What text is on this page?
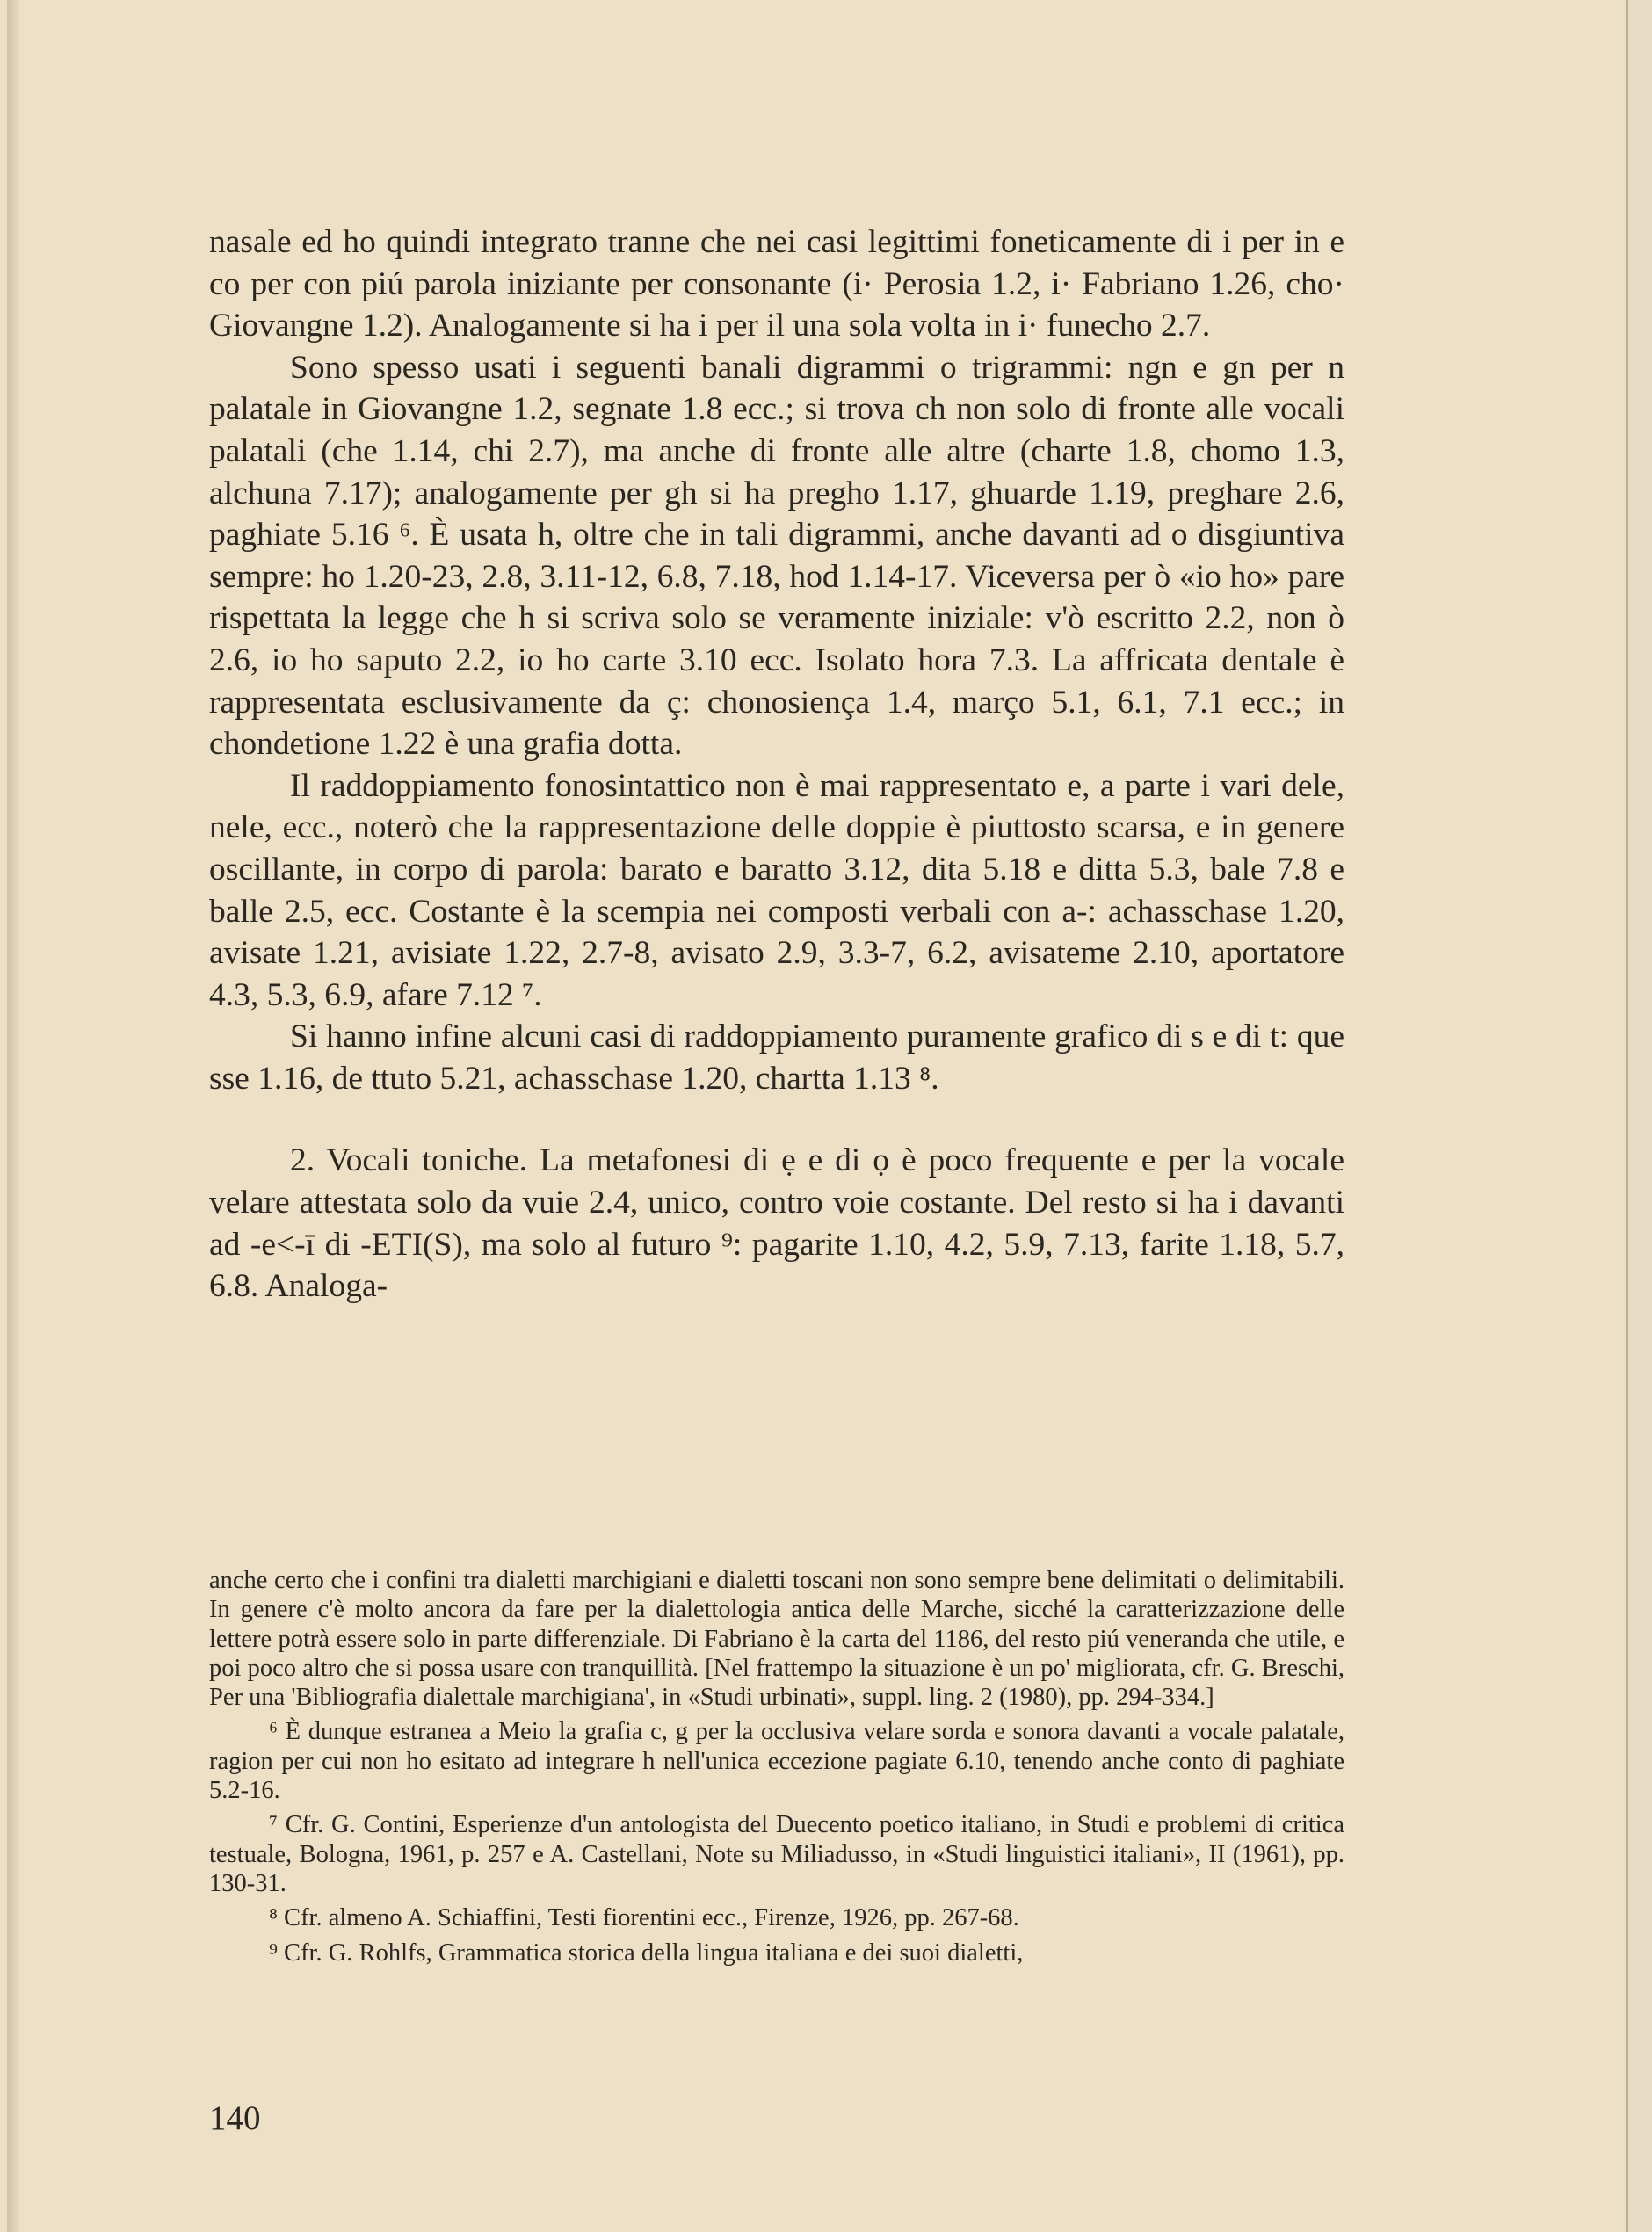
nasale ed ho quindi integrato tranne che nei casi legittimi foneticamente di i per in e co per con piú parola iniziante per consonante (i· Perosia 1.2, i· Fabriano 1.26, cho· Giovangne 1.2). Analogamente si ha i per il una sola volta in i· funecho 2.7.

Sono spesso usati i seguenti banali digrammi o trigrammi: ngn e gn per n palatale in Giovangne 1.2, segnate 1.8 ecc.; si trova ch non solo di fronte alle vocali palatali (che 1.14, chi 2.7), ma anche di fronte alle altre (charte 1.8, chomo 1.3, alchuna 7.17); analogamente per gh si ha pregho 1.17, ghuarde 1.19, preghare 2.6, paghiate 5.16 ⁶. È usata h, oltre che in tali digrammi, anche davanti ad o disgiuntiva sempre: ho 1.20-23, 2.8, 3.11-12, 6.8, 7.18, hod 1.14-17. Viceversa per ò «io ho» pare rispettata la legge che h si scriva solo se veramente iniziale: v'ò escritto 2.2, non ò 2.6, io ho saputo 2.2, io ho carte 3.10 ecc. Isolato hora 7.3. La affricata dentale è rappresentata esclusivamente da ç: chonosiença 1.4, março 5.1, 6.1, 7.1 ecc.; in chondetione 1.22 è una grafia dotta.

Il raddoppiamento fonosintattico non è mai rappresentato e, a parte i vari dele, nele, ecc., noterò che la rappresentazione delle doppie è piuttosto scarsa, e in genere oscillante, in corpo di parola: barato e baratto 3.12, dita 5.18 e ditta 5.3, bale 7.8 e balle 2.5, ecc. Costante è la scempia nei composti verbali con a-: achasschase 1.20, avisate 1.21, avisiate 1.22, 2.7-8, avisato 2.9, 3.3-7, 6.2, avisateme 2.10, aportatore 4.3, 5.3, 6.9, afare 7.12 ⁷.

Si hanno infine alcuni casi di raddoppiamento puramente grafico di s e di t: que sse 1.16, de ttuto 5.21, achasschase 1.20, chartta 1.13 ⁸.

2. Vocali toniche. La metafonesi di ẹ e di ọ è poco frequente e per la vocale velare attestata solo da vuie 2.4, unico, contro voie costante. Del resto si ha i davanti ad -e<-ī di -ETI(S), ma solo al futuro ⁹: pagarite 1.10, 4.2, 5.9, 7.13, farite 1.18, 5.7, 6.8. Analoga-

anche certo che i confini tra dialetti marchigiani e dialetti toscani non sono sempre bene delimitati o delimitabili. In genere c'è molto ancora da fare per la dialettologia antica delle Marche, sicché la caratterizzazione delle lettere potrà essere solo in parte differenziale. Di Fabriano è la carta del 1186, del resto piú veneranda che utile, e poi poco altro che si possa usare con tranquillità. [Nel frattempo la situazione è un po' migliorata, cfr. G. Breschi, Per una 'Bibliografia dialettale marchigiana', in «Studi urbinati», suppl. ling. 2 (1980), pp. 294-334.]

⁶ È dunque estranea a Meio la grafia c, g per la occlusiva velare sorda e sonora davanti a vocale palatale, ragion per cui non ho esitato ad integrare h nell'unica eccezione pagiate 6.10, tenendo anche conto di paghiate 5.2-16.

⁷ Cfr. G. Contini, Esperienze d'un antologista del Duecento poetico italiano, in Studi e problemi di critica testuale, Bologna, 1961, p. 257 e A. Castellani, Note su Miliadusso, in «Studi linguistici italiani», II (1961), pp. 130-31.

⁸ Cfr. almeno A. Schiaffini, Testi fiorentini ecc., Firenze, 1926, pp. 267-68.

⁹ Cfr. G. Rohlfs, Grammatica storica della lingua italiana e dei suoi dialetti,

140
